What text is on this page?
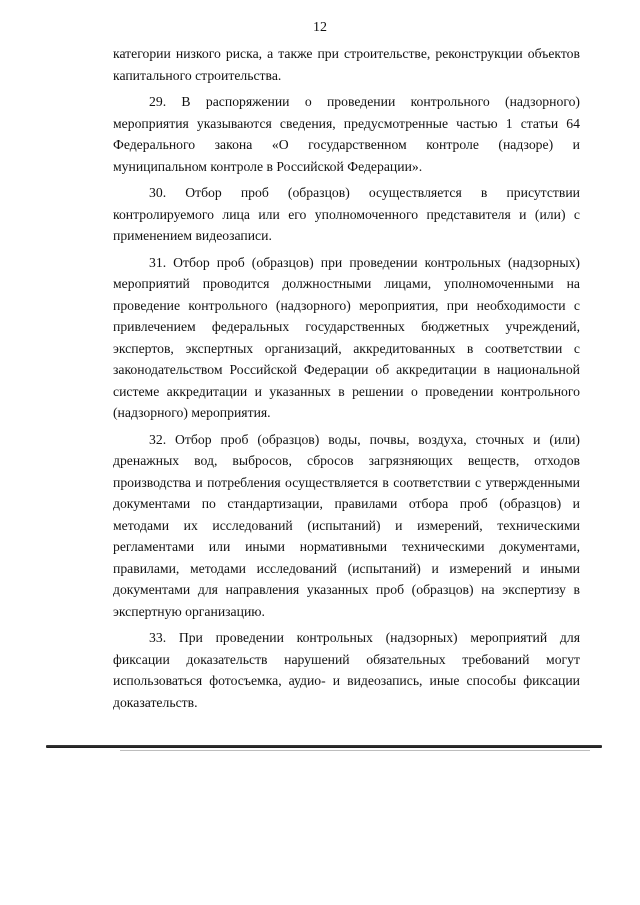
12

категории низкого риска, а также при строительстве, реконструкции объектов капитального строительства.

29. В распоряжении о проведении контрольного (надзорного) мероприятия указываются сведения, предусмотренные частью 1 статьи 64 Федерального закона «О государственном контроле (надзоре) и муниципальном контроле в Российской Федерации».

30. Отбор проб (образцов) осуществляется в присутствии контролируемого лица или его уполномоченного представителя и (или) с применением видеозаписи.

31. Отбор проб (образцов) при проведении контрольных (надзорных) мероприятий проводится должностными лицами, уполномоченными на проведение контрольного (надзорного) мероприятия, при необходимости с привлечением федеральных государственных бюджетных учреждений, экспертов, экспертных организаций, аккредитованных в соответствии с законодательством Российской Федерации об аккредитации в национальной системе аккредитации и указанных в решении о проведении контрольного (надзорного) мероприятия.

32. Отбор проб (образцов) воды, почвы, воздуха, сточных и (или) дренажных вод, выбросов, сбросов загрязняющих веществ, отходов производства и потребления осуществляется в соответствии с утвержденными документами по стандартизации, правилами отбора проб (образцов) и методами их исследований (испытаний) и измерений, техническими регламентами или иными нормативными техническими документами, правилами, методами исследований (испытаний) и измерений и иными документами для направления указанных проб (образцов) на экспертизу в экспертную организацию.

33. При проведении контрольных (надзорных) мероприятий для фиксации доказательств нарушений обязательных требований могут использоваться фотосъемка, аудио- и видеозапись, иные способы фиксации доказательств.
